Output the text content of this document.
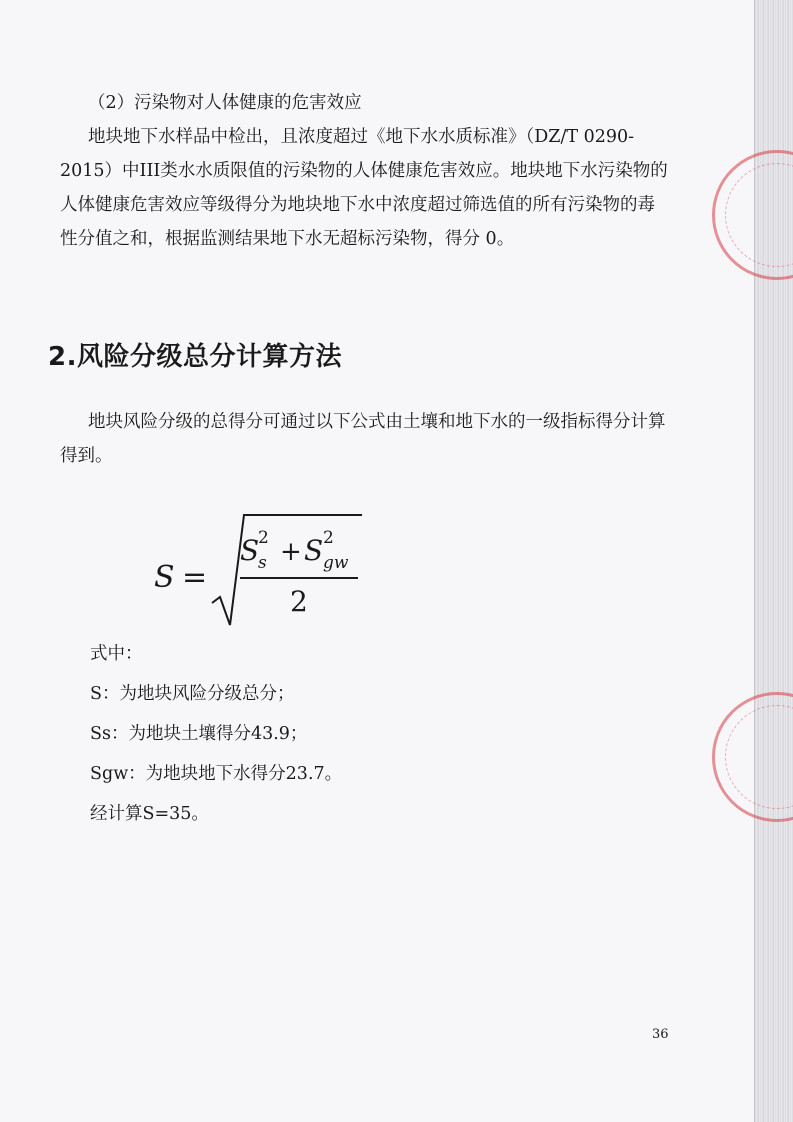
（2）污染物对人体健康的危害效应

地块地下水样品中检出，且浓度超过《地下水水质标准》（DZ/T 0290-2015）中III类水水质限值的污染物的人体健康危害效应。地块地下水污染物的人体健康危害效应等级得分为地块地下水中浓度超过筛选值的所有污染物的毒性分值之和，根据监测结果地下水无超标污染物，得分 0。

2.风险分级总分计算方法

地块风险分级的总得分可通过以下公式由土壤和地下水的一级指标得分计算得到。

S =
S
2
s + S 2
gw
2

式中：

S：为地块风险分级总分；

Ss：为地块土壤得分43.9；

Sgw：为地块地下水得分23.7。

经计算S=35。

36
